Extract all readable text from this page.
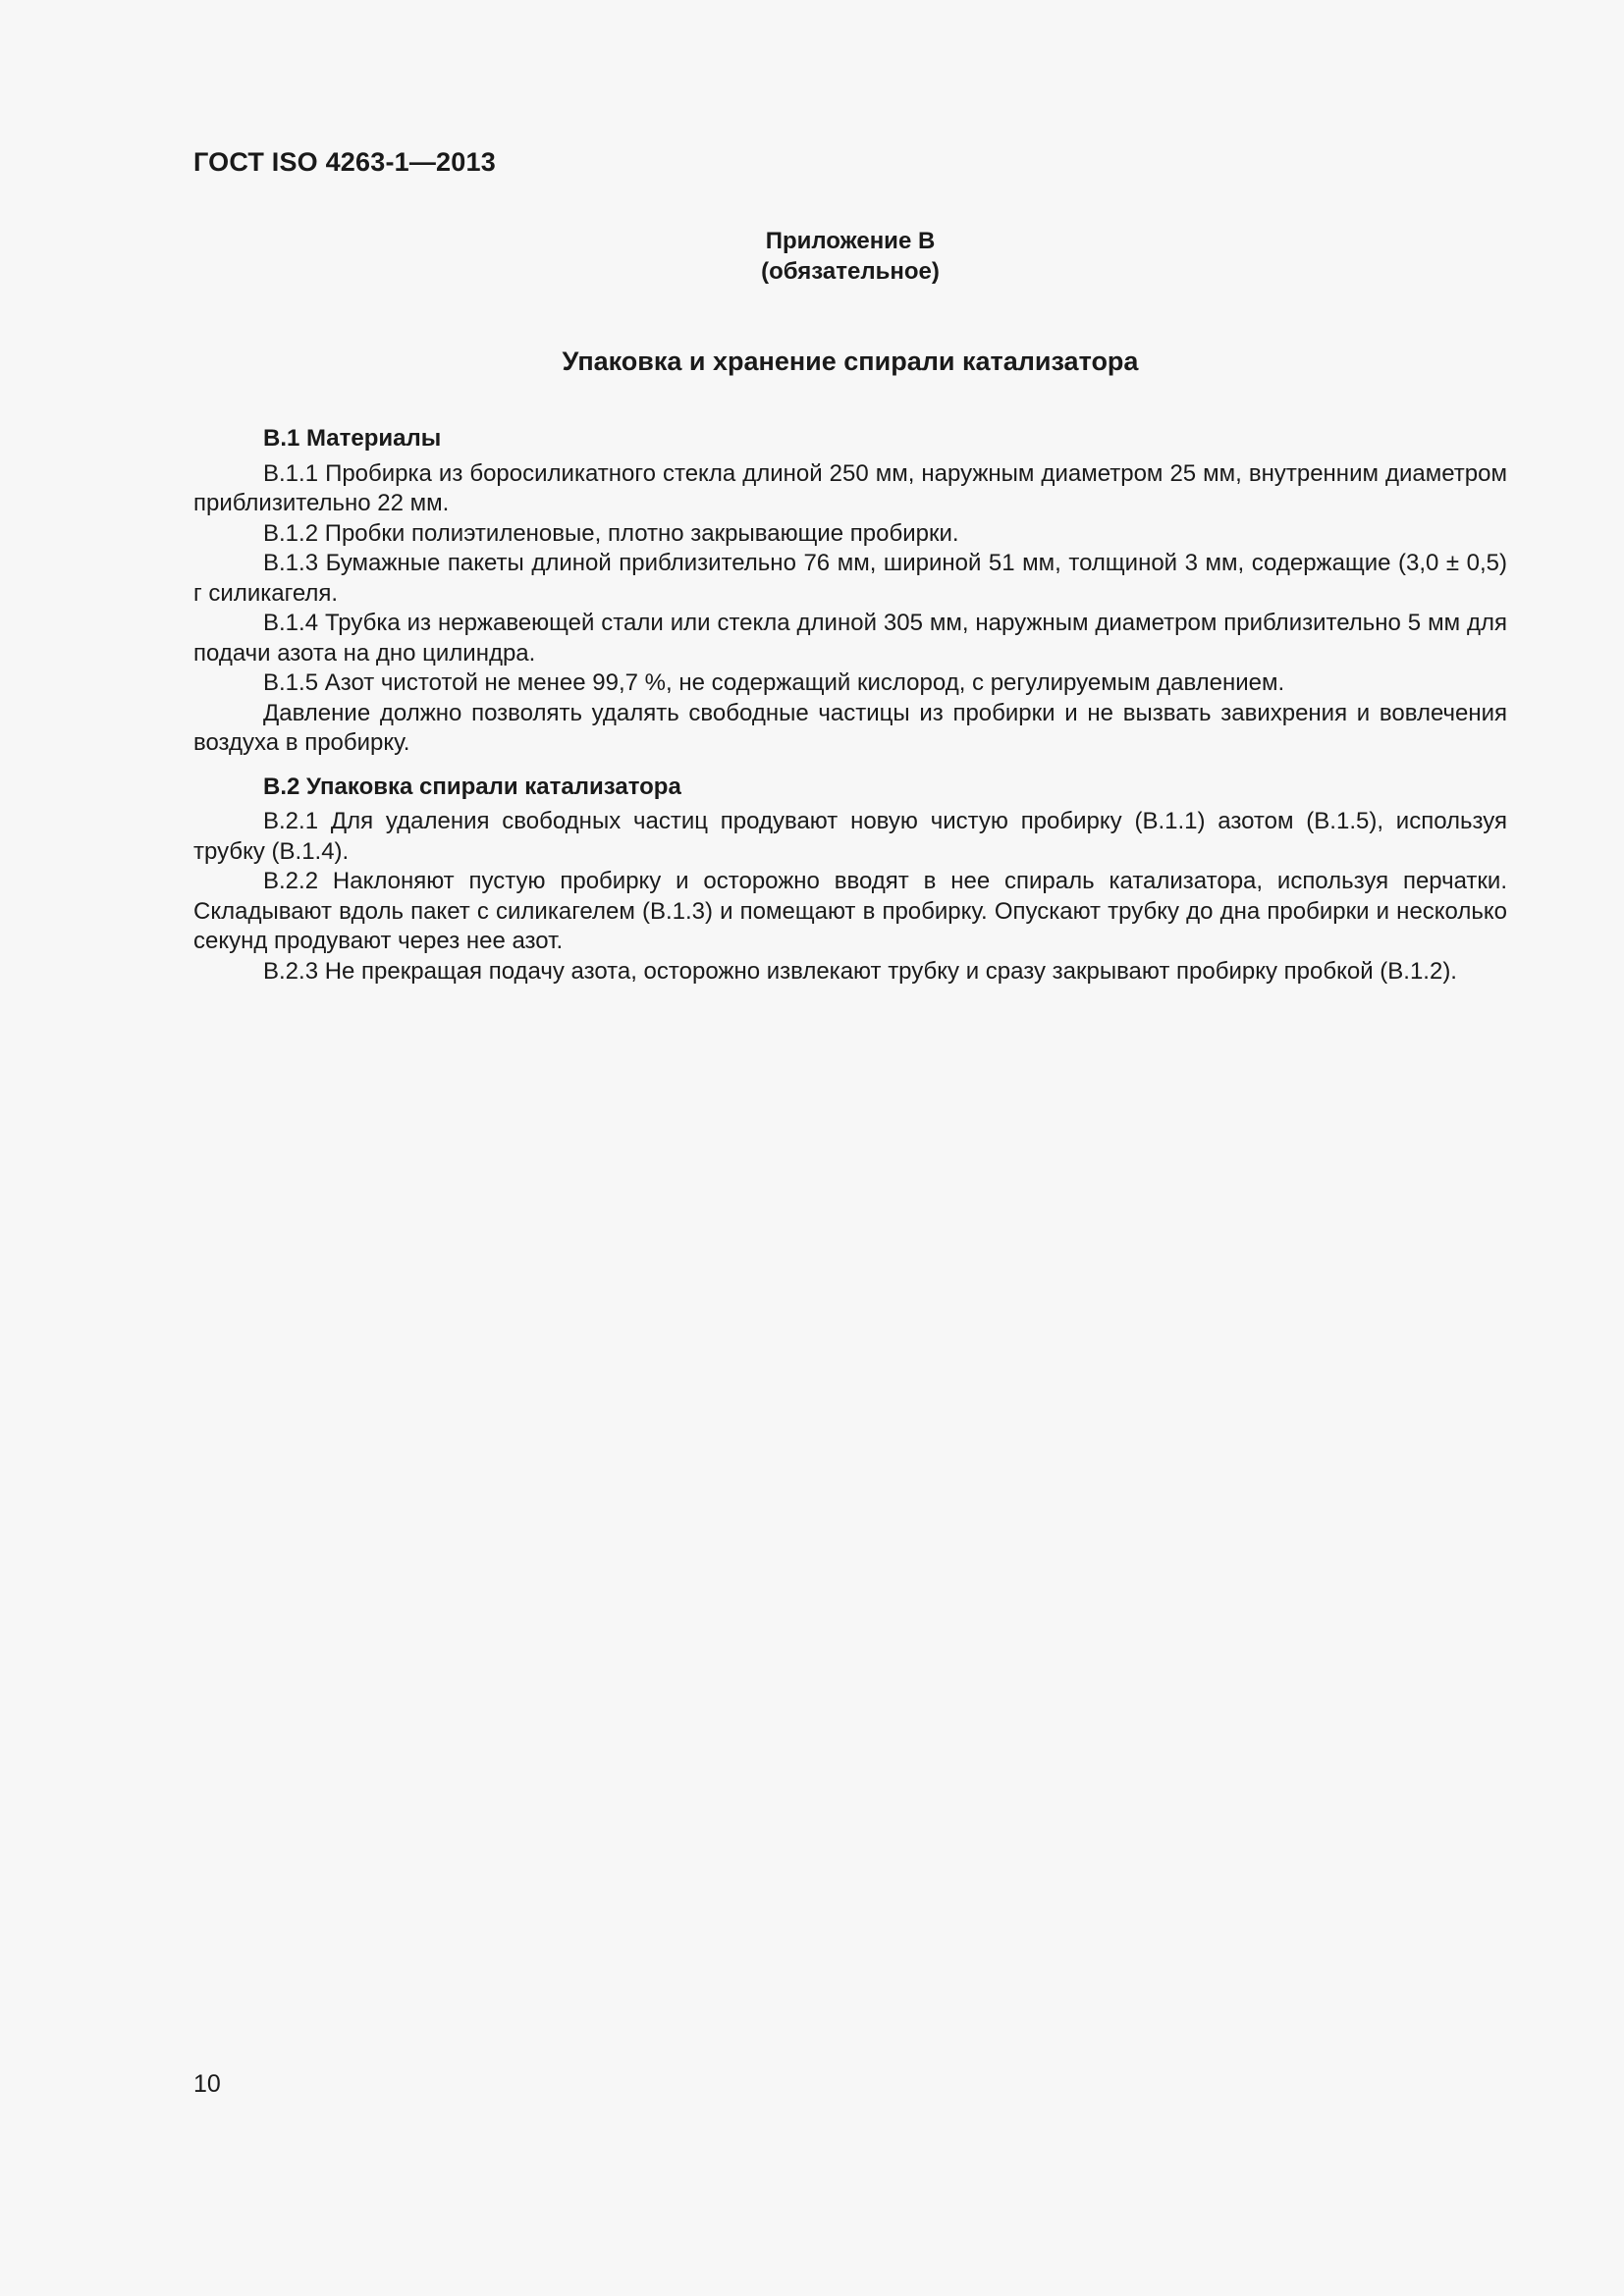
ГОСТ ISO 4263-1—2013
Приложение В
(обязательное)
Упаковка и хранение спирали катализатора

В.1 Материалы

В.1.1 Пробирка из боросиликатного стекла длиной 250 мм, наружным диаметром 25 мм, внутренним диаметром приблизительно 22 мм.

В.1.2 Пробки полиэтиленовые, плотно закрывающие пробирки.

В.1.3 Бумажные пакеты длиной приблизительно 76 мм, шириной 51 мм, толщиной 3 мм, содержащие (3,0 ± 0,5) г силикагеля.

В.1.4 Трубка из нержавеющей стали или стекла длиной 305 мм, наружным диаметром приблизительно 5 мм для подачи азота на дно цилиндра.

В.1.5 Азот чистотой не менее 99,7 %, не содержащий кислород, с регулируемым давлением.

Давление должно позволять удалять свободные частицы из пробирки и не вызвать завихрения и вовлечения воздуха в пробирку.

В.2 Упаковка спирали катализатора

В.2.1 Для удаления свободных частиц продувают новую чистую пробирку (В.1.1) азотом (В.1.5), используя трубку (В.1.4).

В.2.2 Наклоняют пустую пробирку и осторожно вводят в нее спираль катализатора, используя перчатки. Складывают вдоль пакет с силикагелем (В.1.3) и помещают в пробирку. Опускают трубку до дна пробирки и несколько секунд продувают через нее азот.

В.2.3 Не прекращая подачу азота, осторожно извлекают трубку и сразу закрывают пробирку пробкой (В.1.2).

10
